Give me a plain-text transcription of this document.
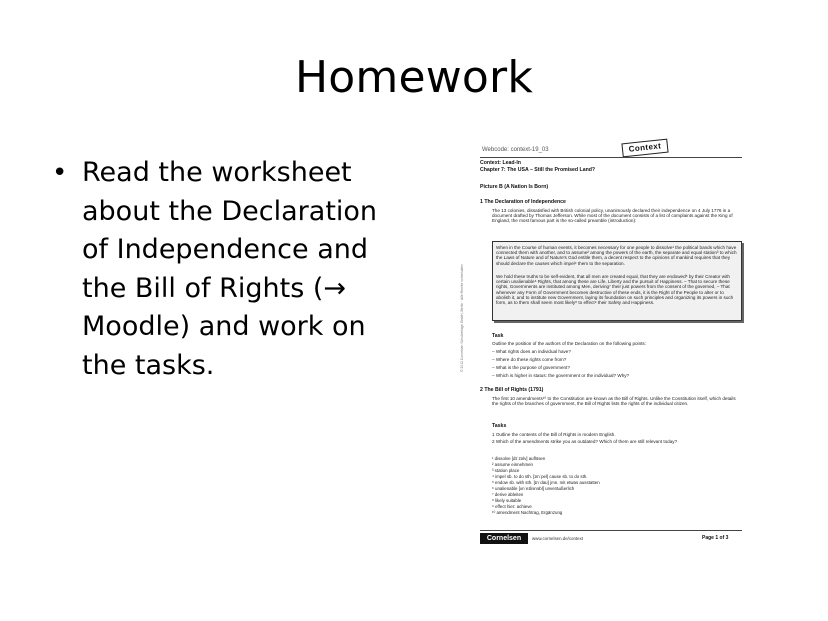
Homework
• Read the worksheet
about the Declaration
of Independence and
the Bill of Rights (→
Moodle) and work on
the tasks.
Webcode: context-19_03	Context
Context: Lead-In
Chapter 7: The USA – Still the Promised Land?
Picture B (A Nation Is Born)
1 The Declaration of Independence
The 13 colonies, dissatisfied with British colonial policy, unanimously declared their independence on 4 July 1776 in a document drafted by Thomas Jefferson. While most of the document consists of a list of complaints against the King of England, the most famous part is the so-called preamble (introduction):
When in the Course of human events, it becomes necessary for one people to dissolve¹ the political bands which have connected them with another, and to assume² among the powers of the earth, the separate and equal station³ to which the Laws of Nature and of Nature's God entitle them, a decent respect to the opinions of mankind requires that they should declare the causes which impel⁴ them to the separation.
We hold these truths to be self-evident, that all men are created equal, that they are endowed⁵ by their Creator with certain unalienable⁶ Rights, that among these are Life, Liberty and the pursuit of Happiness. – That to secure these rights, Governments are instituted among Men, deriving⁷ their just powers from the consent of the governed, – That whenever any Form of Government becomes destructive of these ends, it is the Right of the People to alter or to abolish it, and to institute new Government, laying its foundation on such principles and organizing its powers in such form, as to them shall seem most likely⁸ to effect⁹ their Safety and Happiness.
© 2012 Cornelsen Schulverlage GmbH, Berlin · Alle Rechte vorbehalten	Task
Outline the position of the authors of the Declaration on the following points:
– What rights does an individual have?
– Where do these rights come from?
– What is the purpose of government?
– Which is higher in status: the government or the individual? Why?
2 The Bill of Rights (1791)
The first 10 amendments¹⁰ to the Constitution are known as the Bill of Rights. Unlike the Constitution itself, which details the rights of the branches of government, the Bill of Rights lists the rights of the individual citizen.
Tasks
1 Outline the contents of the Bill of Rights in modern English.
2 Which of the amendments strike you as outdated? Which of them are still relevant today?
¹ dissolve [dɪˈzɒlv] auflösen
² assume einnehmen
³ station place
⁴ impel sb. to do sth. [ɪmˈpel] cause sb. to do sth.
⁵ endow sb. with sth. [ɪnˈdaʊ] jmn. mit etwas ausstatten
⁶ unalienable [ʌnˈeɪliənəbl] unveräußerlich
⁷ derive ableiten
⁸ likely suitable
⁹ effect hier: achieve
¹⁰ amendment Nachtrag, Ergänzung
Cornelsen	www.cornelsen.de/context	Page 1 of 3
